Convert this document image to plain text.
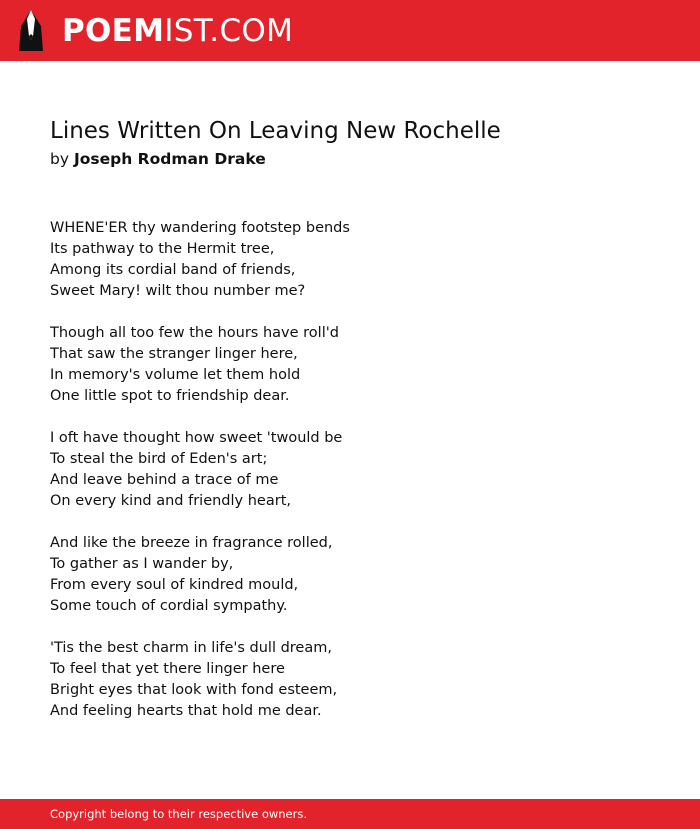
POEMIST.COM
Lines Written On Leaving New Rochelle
by Joseph Rodman Drake
WHENE'ER thy wandering footstep bends
Its pathway to the Hermit tree,
Among its cordial band of friends,
Sweet Mary! wilt thou number me?
Though all too few the hours have roll'd
That saw the stranger linger here,
In memory's volume let them hold
One little spot to friendship dear.
I oft have thought how sweet 'twould be
To steal the bird of Eden's art;
And leave behind a trace of me
On every kind and friendly heart,
And like the breeze in fragrance rolled,
To gather as I wander by,
From every soul of kindred mould,
Some touch of cordial sympathy.
'Tis the best charm in life's dull dream,
To feel that yet there linger here
Bright eyes that look with fond esteem,
And feeling hearts that hold me dear.
Copyright belong to their respective owners.
